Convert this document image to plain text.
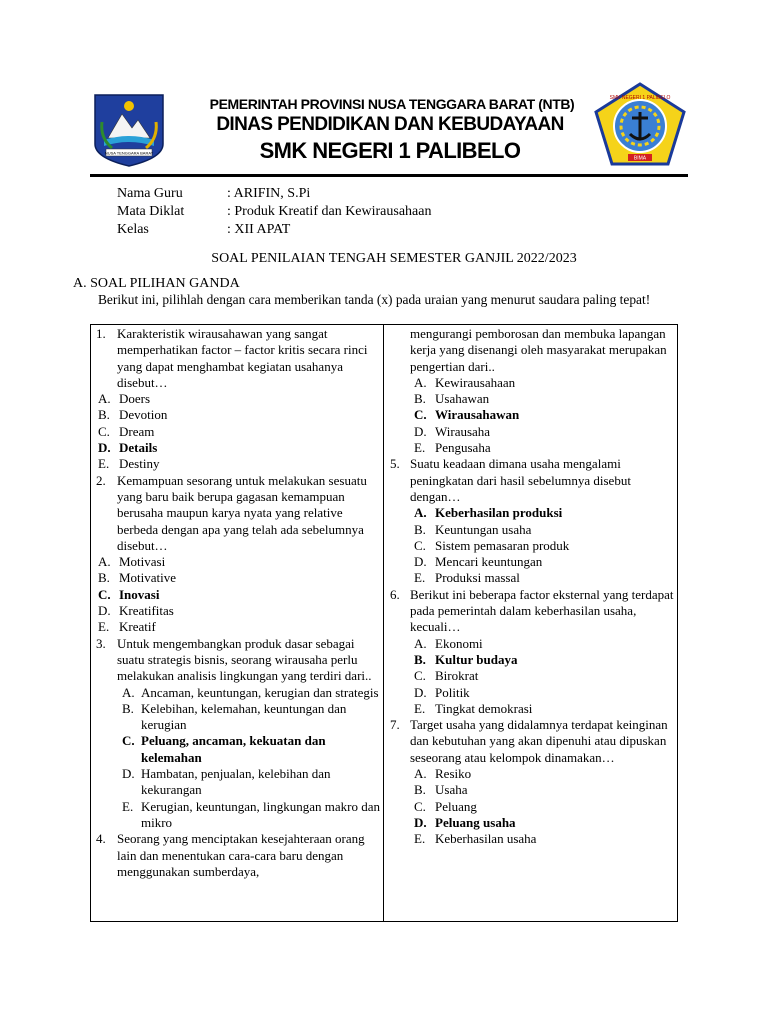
NUSA TENGGARA BARAT
SMK NEGERI 1 PALIBELO
BIMA
PEMERINTAH PROVINSI NUSA TENGGARA BARAT (NTB)
DINAS PENDIDIKAN DAN KEBUDAYAAN
SMK NEGERI 1 PALIBELO
Nama Guru	: ARIFIN, S.Pi
Mata Diklat	: Produk Kreatif dan Kewirausahaan
Kelas	: XII APAT
SOAL PENILAIAN TENGAH SEMESTER GANJIL 2022/2023
A. SOAL PILIHAN GANDA
Berikut ini, pilihlah dengan cara memberikan tanda (x) pada uraian yang menurut saudara paling tepat!
1. Karakteristik wirausahawan yang sangat memperhatikan factor – factor kritis secara rinci yang dapat menghambat kegiatan usahanya disebut…
A. Doers
B. Devotion
C. Dream
D. Details
E. Destiny
2. Kemampuan sesorang untuk melakukan sesuatu yang baru baik berupa gagasan kemampuan berusaha maupun karya nyata yang relative berbeda dengan apa yang telah ada sebelumnya disebut…
A. Motivasi
B. Motivative
C. Inovasi
D. Kreatifitas
E. Kreatif
3. Untuk mengembangkan produk dasar sebagai suatu strategis bisnis, seorang wirausaha perlu melakukan analisis lingkungan yang terdiri dari..
A. Ancaman, keuntungan, kerugian dan strategis
B. Kelebihan, kelemahan, keuntungan dan kerugian
C. Peluang, ancaman, kekuatan dan kelemahan
D. Hambatan, penjualan, kelebihan dan kekurangan
E. Kerugian, keuntungan, lingkungan makro dan mikro
4. Seorang yang menciptakan kesejahteraan orang lain dan menentukan cara-cara baru dengan menggunakan sumberdaya,
mengurangi pemborosan dan membuka lapangan kerja yang disenangi oleh masyarakat merupakan pengertian dari..
A. Kewirausahaan
B. Usahawan
C. Wirausahawan
D. Wirausaha
E. Pengusaha
5. Suatu keadaan dimana usaha mengalami peningkatan dari hasil sebelumnya disebut dengan…
A. Keberhasilan produksi
B. Keuntungan usaha
C. Sistem pemasaran produk
D. Mencari keuntungan
E. Produksi massal
6. Berikut ini beberapa factor eksternal yang terdapat pada pemerintah dalam keberhasilan usaha, kecuali…
A. Ekonomi
B. Kultur budaya
C. Birokrat
D. Politik
E. Tingkat demokrasi
7. Target usaha yang didalamnya terdapat keinginan dan kebutuhan yang akan dipenuhi atau dipuskan seseorang atau kelompok dinamakan…
A. Resiko
B. Usaha
C. Peluang
D. Peluang usaha
E. Keberhasilan usaha
